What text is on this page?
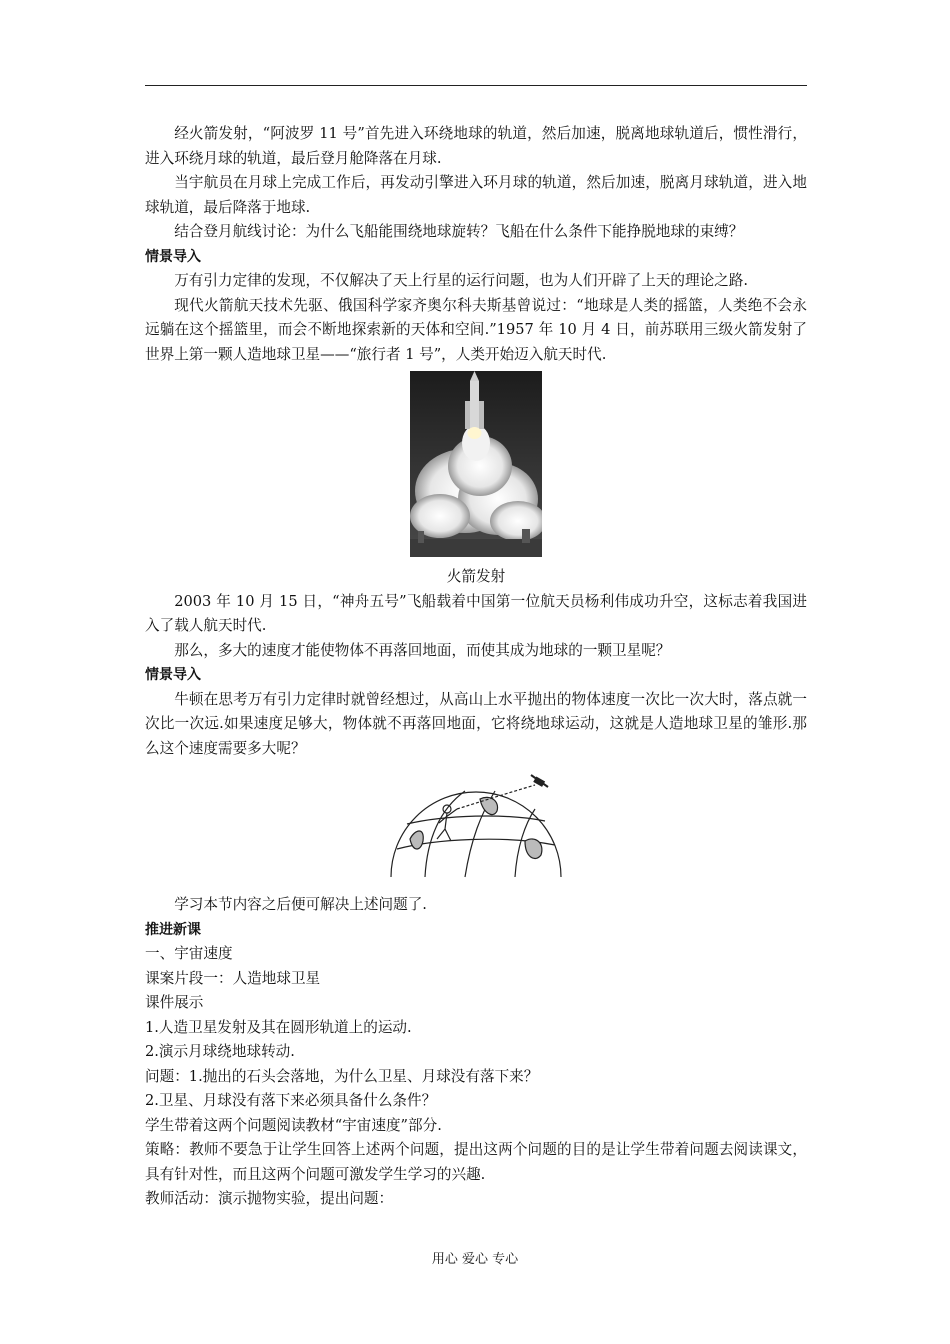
经火箭发射，“阿波罗 11 号”首先进入环绕地球的轨道，然后加速，脱离地球轨道后，惯性滑行，进入环绕月球的轨道，最后登月舱降落在月球.

当宇航员在月球上完成工作后，再发动引擎进入环月球的轨道，然后加速，脱离月球轨道，进入地球轨道，最后降落于地球.

结合登月航线讨论：为什么飞船能围绕地球旋转？飞船在什么条件下能挣脱地球的束缚？

情景导入

万有引力定律的发现，不仅解决了天上行星的运行问题，也为人们开辟了上天的理论之路.

现代火箭航天技术先驱、俄国科学家齐奥尔科夫斯基曾说过：“地球是人类的摇篮，人类绝不会永远躺在这个摇篮里，而会不断地探索新的天体和空间.”1957 年 10 月 4 日，前苏联用三级火箭发射了世界上第一颗人造地球卫星——“旅行者 1 号”，人类开始迈入航天时代.

火箭发射

2003 年 10 月 15 日，“神舟五号”飞船载着中国第一位航天员杨利伟成功升空，这标志着我国进入了载人航天时代.

那么，多大的速度才能使物体不再落回地面，而使其成为地球的一颗卫星呢？

情景导入

牛顿在思考万有引力定律时就曾经想过，从高山上水平抛出的物体速度一次比一次大时，落点就一次比一次远.如果速度足够大，物体就不再落回地面，它将绕地球运动，这就是人造地球卫星的雏形.那么这个速度需要多大呢？

学习本节内容之后便可解决上述问题了.

推进新课

一、宇宙速度

课案片段一：人造地球卫星

课件展示

1.人造卫星发射及其在圆形轨道上的运动.

2.演示月球绕地球转动.

问题：1.抛出的石头会落地，为什么卫星、月球没有落下来？

2.卫星、月球没有落下来必须具备什么条件？

学生带着这两个问题阅读教材“宇宙速度”部分.

策略：教师不要急于让学生回答上述两个问题，提出这两个问题的目的是让学生带着问题去阅读课文，具有针对性，而且这两个问题可激发学生学习的兴趣.

教师活动：演示抛物实验，提出问题：

用心 爱心 专心
